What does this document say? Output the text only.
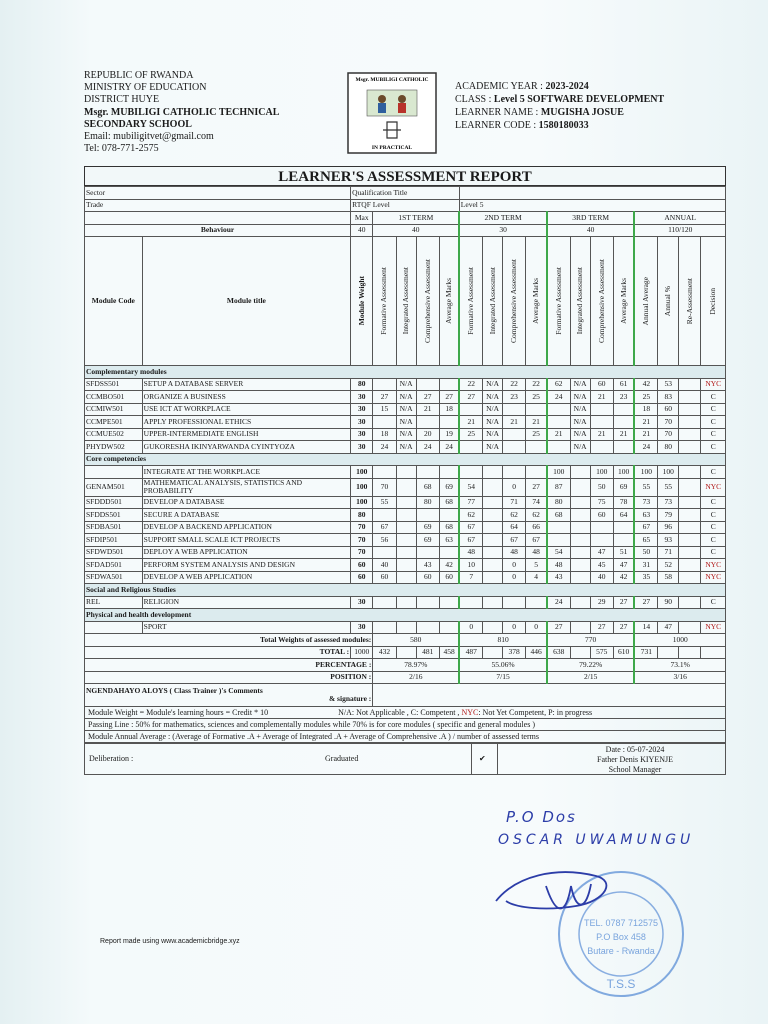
REPUBLIC OF RWANDA
MINISTRY OF EDUCATION
DISTRICT HUYE
Msgr. MUBILIGI CATHOLIC TECHNICAL
SECONDARY SCHOOL
Email: mubiligitvet@gmail.com
Tel: 078-771-2575
Msgr. MUBILIGI CATHOLIC
IN PRACTICAL
ACADEMIC YEAR : 2023-2024
CLASS : Level 5 SOFTWARE DEVELOPMENT
LEARNER NAME : MUGISHA JOSUE
LEARNER CODE : 1580180033
LEARNER'S ASSESSMENT REPORT
Sector		Qualification Title																
Trade		RTQF Level					Level 5											
		Max	1ST TERM				2ND TERM				3RD TERM				ANNUAL			
Behaviour		40	40				30				40				110/120			
Module Code	Module title	Module Weight	Formative Assessment	Integrated Assessment	Comprehensive Assessment	Average Marks	Formative Assessment	Integrated Assessment	Comprehensive Assessment	Average Marks	Formative Assessment	Integrated Assessment	Comprehensive Assessment	Average Marks	Annual Average	Annual %	Re-Assessment	Decision

Complementary modules																		
SFDSS501	SETUP A DATABASE SERVER	80		N/A			22	N/A	22	22	62	N/A	60	61	42	53		NYC
CCMBO501	ORGANIZE A BUSINESS	30	27	N/A	27	27	27	N/A	23	25	24	N/A	21	23	25	83		C
CCMIW501	USE ICT AT WORKPLACE	30	15	N/A	21	18		N/A				N/A			18	60		C
CCMPE501	APPLY PROFESSIONAL ETHICS	30		N/A			21	N/A	21	21		N/A			21	70		C
CCMUE502	UPPER-INTERMEDIATE ENGLISH	30	18	N/A	20	19	25	N/A		25	21	N/A	21	21	21	70		C
PHYDW502	GUKORESHA IKINYARWANDA CYINTYOZA	30	24	N/A	24	24		N/A				N/A			24	80		C
Core competencies																		
	INTEGRATE AT THE WORKPLACE	100									100		100	100	100	100		C
GENAM501	MATHEMATICAL ANALYSIS, STATISTICS AND PROBABILITY	100	70		68	69	54		0	27	87		50	69	55	55		NYC
SFDDD501	DEVELOP A DATABASE	100	55		80	68	77		71	74	80		75	78	73	73		C
SFDDS501	SECURE A DATABASE	80					62		62	62	68		60	64	63	79		C
SFDBA501	DEVELOP A BACKEND APPLICATION	70	67		69	68	67		64	66					67	96		C
SFDIP501	SUPPORT SMALL SCALE ICT PROJECTS	70	56		69	63	67		67	67					65	93		C
SFDWD501	DEPLOY A WEB APPLICATION	70					48		48	48	54		47	51	50	71		C
SFDAD501	PERFORM SYSTEM ANALYSIS AND DESIGN	60	40		43	42	10		0	5	48		45	47	31	52		NYC
SFDWA501	DEVELOP A WEB APPLICATION	60	60		60	60	7		0	4	43		40	42	35	58		NYC
Social and Religious Studies																		
REL	RELIGION	30									24		29	27	27	90		C
Physical and health development																		
	SPORT	30					0		0	0	27		27	27	14	47		NYC
Total Weights of assessed modules:			580				810				770				1000			
TOTAL :		1000	432		481	458	487		378	446	638		575	610	731			
PERCENTAGE :			78.97%				55.06%				79.22%				73.1%			
POSITION :			2/16				7/15				2/15				3/16			

NGENDAHAYO ALOYS ( Class Trainer )'s Comments
& signature :																		

Module Weight = Module's learning hours = Credit * 10	N/A: Not Applicable , C: Competent , NYC: Not Yet Competent, P: in progress
Passing Line : 50% for mathematics, sciences and complementally modules while 70% is for core modules ( specific and general modules )
Module Annual Average : (Average of Formative .A + Average of Integrated .A + Average of Comprehensive .A ) / number of assessed terms
Deliberation :	Graduated	✔
Date : 05-07-2024
Father Denis KIYENJE
School Manager
P.O Dos
OSCAR UWAMUNGU
TEL. 0787 712575
P.O Box 458
Butare - Rwanda
T.S.S
Report made using www.academicbridge.xyz
